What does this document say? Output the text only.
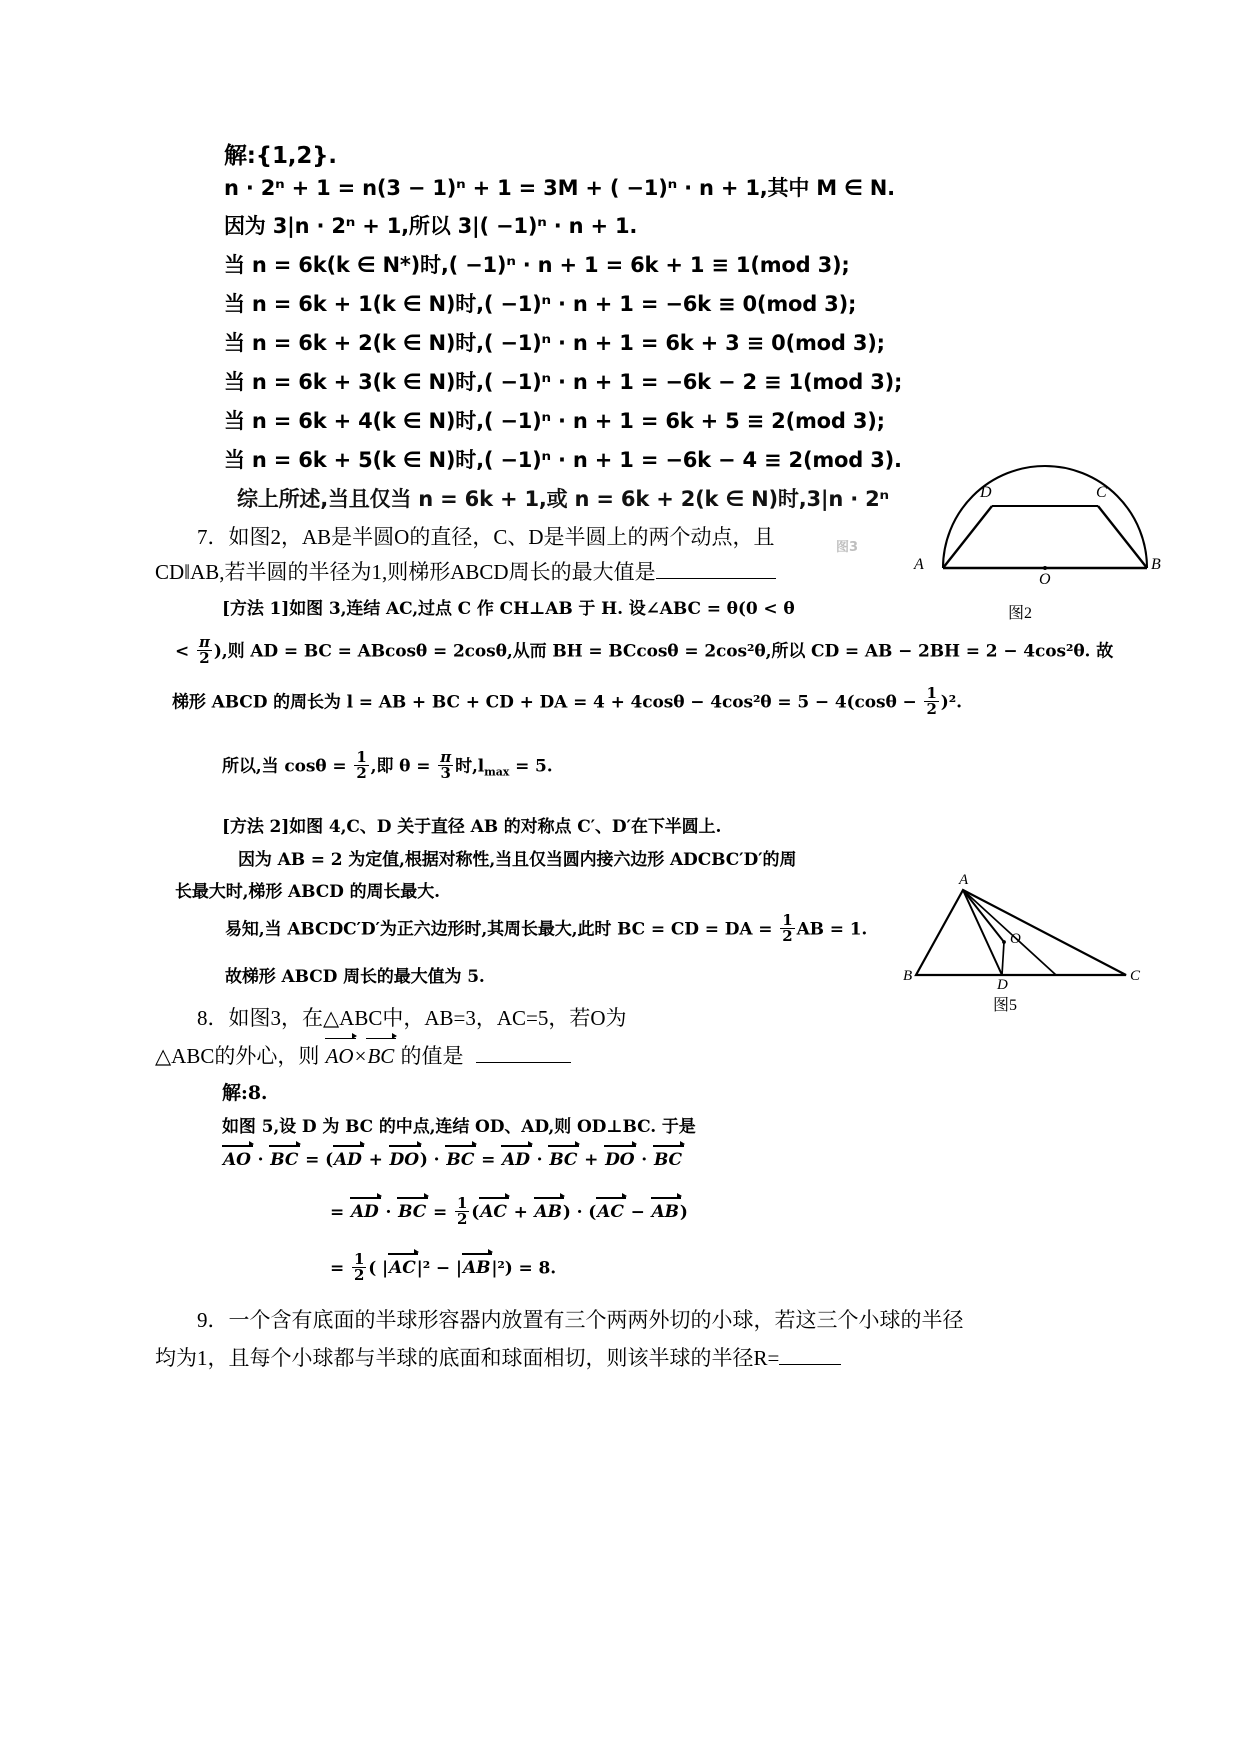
解:{1,2}.
n · 2ⁿ + 1 = n(3 − 1)ⁿ + 1 = 3M + ( −1)ⁿ · n + 1,其中 M ∈ N.
因为 3|n · 2ⁿ + 1,所以 3|( −1)ⁿ · n + 1.
当 n = 6k(k ∈ N*)时,( −1)ⁿ · n + 1 = 6k + 1 ≡ 1(mod 3);
当 n = 6k + 1(k ∈ N)时,( −1)ⁿ · n + 1 = −6k ≡ 0(mod 3);
当 n = 6k + 2(k ∈ N)时,( −1)ⁿ · n + 1 = 6k + 3 ≡ 0(mod 3);
当 n = 6k + 3(k ∈ N)时,( −1)ⁿ · n + 1 = −6k − 2 ≡ 1(mod 3);
当 n = 6k + 4(k ∈ N)时,( −1)ⁿ · n + 1 = 6k + 5 ≡ 2(mod 3);
当 n = 6k + 5(k ∈ N)时,( −1)ⁿ · n + 1 = −6k − 4 ≡ 2(mod 3).
综上所述,当且仅当 n = 6k + 1,或 n = 6k + 2(k ∈ N)时,3|n · 2ⁿ
7．如图2，AB是半圆O的直径，C、D是半圆上的两个动点，且
CD‖AB,若半圆的半径为1,则梯形ABCD周长的最大值是
[方法 1]如图 3,连结 AC,过点 C 作 CH⊥AB 于 H. 设∠ABC = θ(0 < θ
< $\frac{\pi}{2}$ ),则 AD = BC = ABcosθ = 2cosθ,从而 BH = BCcosθ = 2cos²θ,所以 CD = AB − 2BH = 2 − 4cos²θ. 故
梯形 ABCD 的周长为 l = AB + BC + CD + DA = $4 + 4\cos\theta - 4\cos^2\theta = 5 - 4(\cos\theta - \frac{1}{2} )^2$.
所以,当 $\cos\theta = \frac{1}{2}$ ,即 $\theta = \frac{\pi}{3}$ 时$,l_{max} = 5$.
[方法 2]如图 4,C、D 关于直径 AB 的对称点 C′、D′在下半圆上.
因为 AB = 2 为定值,根据对称性,当且仅当圆内接六边形 ADCBC′D′的周
长最大时,梯形 ABCD 的周长最大.
易知,当 ABCDC′D′为正六边形时,其周长最大,此时 BC = CD = DA = $\frac{1}{2}$ AB = 1.
故梯形 ABCD 周长的最大值为 5.
8．如图3，在△ABC中，AB=3，AC=5，若O为
△ABC的外心，则 AO×BC 的值是
解:8.
如图 5,设 D 为 BC 的中点,连结 OD、AD,则 OD⊥BC. 于是
AO · BC = (AD + DO) · BC = AD · BC + DO · BC
= AD · BC = $\frac{1}{2} (AC + AB) \cdot (AC - AB)$
= $\frac{1}{2}$ ( |AC|² − |AB|²) = 8.
9．一个含有底面的半球形容器内放置有三个两两外切的小球，若这三个小球的半径
均为1，且每个小球都与半球的底面和球面相切，则该半球的半径R=
A	B
C
D
O
图2
图3
A
B	C
D
O
图5
